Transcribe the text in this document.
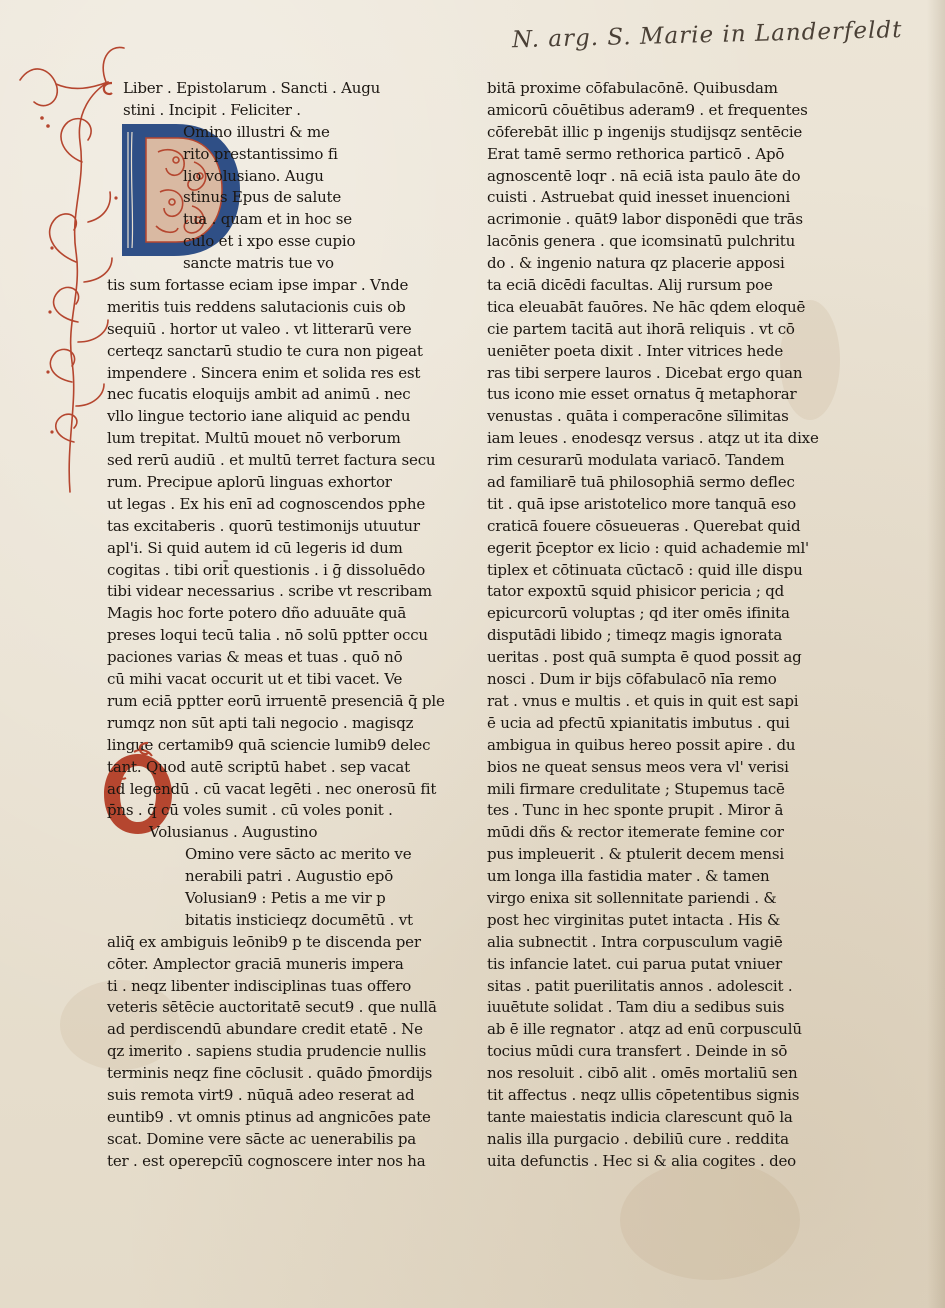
N. arg. S. Marie in Landerfeldt
Liber . Epistolarum . Sancti . Augu
stini . Incipit . Feliciter .
Omino illustri & me
rito prestantissimo fi
lio volusiano. Augu
stinus Epus de salute
tua . quam et in hoc se
culo et i xpo esse cupio
sancte matris tue vo
tis sum fortasse eciam ipse impar . Vnde
meritis tuis reddens salutacionis cuis ob
sequiū . hortor ut valeo . vt litterarū vere
certeqz sanctarū studio te cura non pigeat
impendere . Sincera enim et solida res est
nec fucatis eloquijs ambit ad animū . nec
vllo lingue tectorio iane aliquid ac pendu
lum trepitat. Multū mouet nō verborum
sed rerū audiū . et multū terret factura secu
rum. Precipue aplorū linguas exhortor
ut legas . Ex his enī ad cognoscendos pphe
tas excitaberis . quorū testimonijs utuutur
apl'i. Si quid autem id cū legeris id dum
cogitas . tibi orit̄ questionis . i ḡ dissoluēdo
tibi videar necessarius . scribe vt rescribam
Magis hoc forte potero dño aduuāte quā
preses loqui tecū talia . nō solū pptter occu
paciones varias & meas et tuas . quō nō
cū mihi vacat occurit ut et tibi vacet. Ve
rum eciā pptter eorū irruentē presenciā q̄ ple
rumqz non sūt apti tali negocio . magisqz
lingue certamib9 quā sciencie lumib9 delec
tant. Quod autē scriptū habet . sep vacat
ad legendū . cū vacat legēti . nec onerosū fit
p̄ns . q̄ cū voles sumit . cū voles ponit .
Volusianus . Augustino
Omino vere sācto ac merito ve
nerabili patri . Augustio epō
Volusian9 : Petis a me vir p
bitatis insticieqz documētū . vt
aliq̄ ex ambiguis leōnib9 p te discenda per
cōter. Amplector graciā muneris impera
ti . neqz libenter indisciplinas tuas offero
veteris sētēcie auctoritatē secut9 . que nullā
ad perdiscendū abundare credit etatē . Ne
qz imerito . sapiens studia prudencie nullis
terminis neqz fine cōclusit . quādo p̄mordijs
suis remota virt9 . nūquā adeo reserat ad
euntib9 . vt omnis ptinus ad angnicōes pate
scat. Domine vere sācte ac uenerabilis pa
ter . est operepcīū cognoscere inter nos ha
bitā proxime cōfabulacōnē. Quibusdam
amicorū cōuētibus aderam9 . et frequentes
cōferebāt illic p ingenijs studijsqz sentēcie
Erat tamē sermo rethorica particō . Apō
agnoscentē loqr . nā eciā ista paulo āte do
cuisti . Astruebat quid inesset inuencioni
acrimonie . quāt9 labor disponēdi que trās
lacōnis genera . que icomsinatū pulchritu
do . & ingenio natura qz placerie apposi
ta eciā dicēdi facultas. Alij rursum poe
tica eleuabāt fauōres. Ne hāc qdem eloquē
cie partem tacitā aut ihorā reliquis . vt cō
ueniēter poeta dixit . Inter vitrices hede
ras tibi serpere lauros . Dicebat ergo quan
tus icono mie esset ornatus q̄ metaphorar
venustas . quāta i comperacōne sīlimitas
iam leues . enodesqz versus . atqz ut ita dixe
rim cesurarū modulata variacō. Tandem
ad familiarē tuā philosophiā sermo deflec
tit . quā ipse aristotelico more tanquā eso
craticā fouere cōsueueras . Querebat quid
egerit p̄ceptor ex licio : quid achademie ml'
tiplex et cōtinuata cūctacō : quid ille dispu
tator expoxtū squid phisicor pericia ; qd
epicurcorū voluptas ; qd iter omēs ifinita
disputādi libido ; timeqz magis ignorata
ueritas . post quā sumpta ē quod possit ag
nosci . Dum ir bijs cōfabulacō nīa remo
rat . vnus e multis . et quis in quit est sapi
ē ucia ad pfectū xpianitatis imbutus . qui
ambigua in quibus hereo possit apire . du
bios ne queat sensus meos vera vl' verisi
mili firmare credulitate ; Stupemus tacē
tes . Tunc in hec sponte prupit . Miror ā
mūdi dñs & rector itemerate femine cor
pus impleuerit . & ptulerit decem mensi
um longa illa fastidia mater . & tamen
virgo enixa sit sollennitate pariendi . &
post hec virginitas putet intacta . His &
alia subnectit . Intra corpusculum vagiē
tis infancie latet. cui parua putat vniuer
sitas . patit puerilitatis annos . adolescit .
iuuētute solidat . Tam diu a sedibus suis
ab ē ille regnator . atqz ad enū corpusculū
tocius mūdi cura transfert . Deinde in sō
nos resoluit . cibō alit . omēs mortaliū sen
tit affectus . neqz ullis cōpetentibus signis
tante maiestatis indicia clarescunt quō la
nalis illa purgacio . debiliū cure . reddita
uita defunctis . Hec si & alia cogites . deo
